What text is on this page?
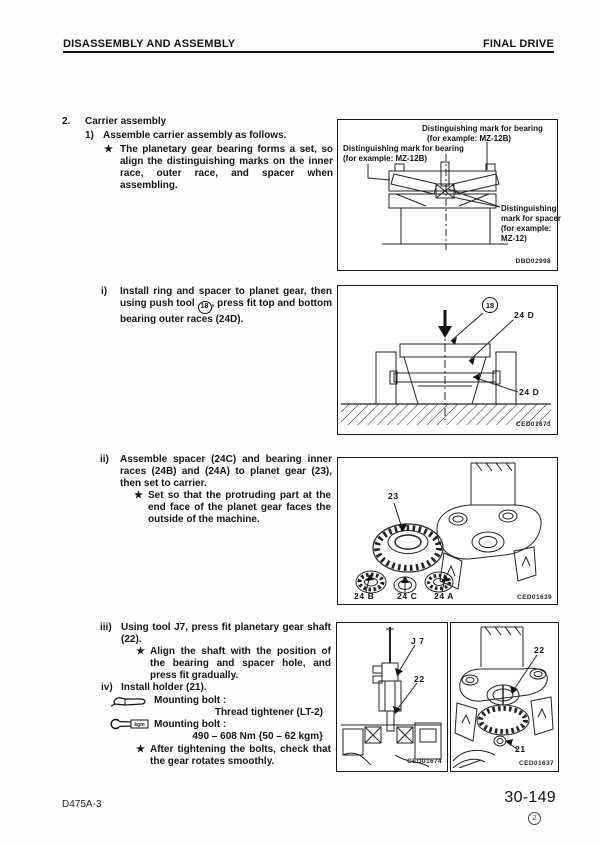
DISASSEMBLY AND ASSEMBLY	FINAL DRIVE
2. Carrier assembly
1) Assemble carrier assembly as follows.
★ The planetary gear bearing forms a set, so align the distinguishing marks on the inner race, outer race, and spacer when assembling.
i) Install ring and spacer to planet gear, then using push tool 18 , press fit top and bottom bearing outer races (24D).
ii) Assemble spacer (24C) and bearing inner races (24B) and (24A) to planet gear (23), then set to carrier.
★ Set so that the protruding part at the end face of the planet gear faces the outside of the machine.
iii) Using tool J7, press fit planetary gear shaft (22).
★ Align the shaft with the position of the bearing and spacer hole, and press fit gradually.
iv) Install holder (21).
Mounting bolt :
Thread tightener (LT-2)
kgm Mounting bolt :
490 – 608 Nm {50 – 62 kgm}
★ After tightening the bolts, check that the gear rotates smoothly.
Distinguishing mark for bearing
(for example: MZ-12B)
Distinguishing mark for bearing
(for example: MZ-12B)
Distinguishing
mark for spacer
(for example:
MZ-12)
DBD02998
18
24 D
24 D
CED01673
23
24 B	24 C 24 A	CED01639
J 7
22
CED01674
22
21
CED01637
D475A-3	30-149
2
